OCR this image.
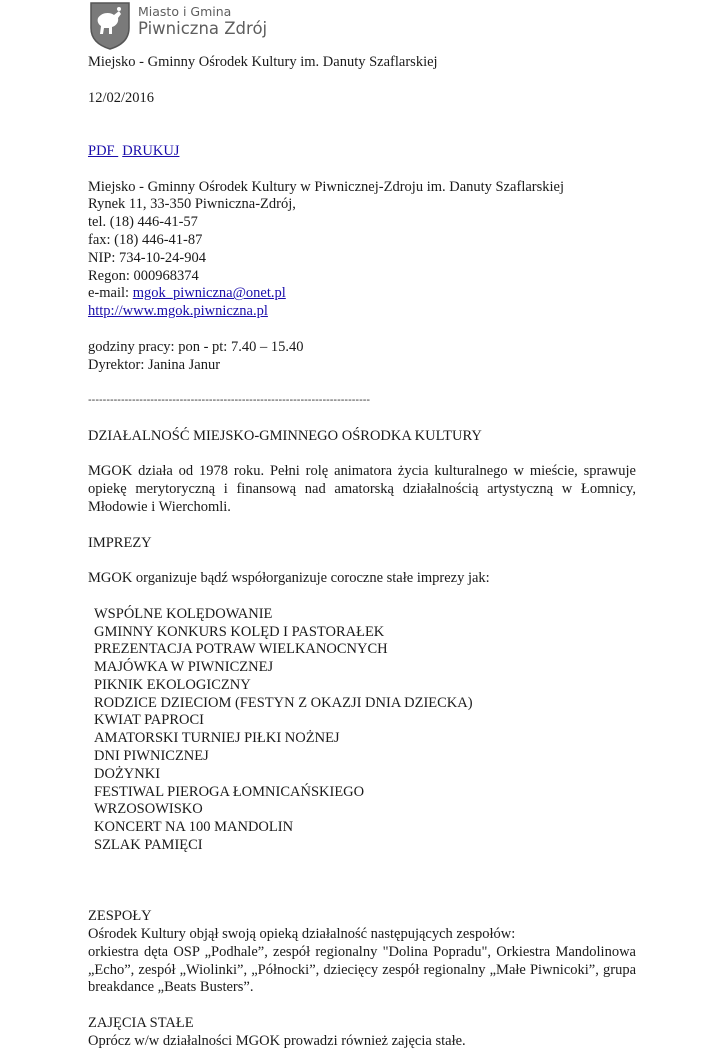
Miasto i Gmina
Piwniczna Zdrój

Miejsko - Gminny Ośrodek Kultury im. Danuty Szaflarskiej

12/02/2016

PDF DRUKUJ

Miejsko - Gminny Ośrodek Kultury w Piwnicznej-Zdroju im. Danuty Szaflarskiej

Rynek 11, 33-350 Piwniczna-Zdrój,

tel. (18) 446-41-57

fax: (18) 446-41-87

NIP: 734-10-24-904

Regon: 000968374

e-mail: mgok_piwniczna@onet.pl

http://www.mgok.piwniczna.pl

godziny pracy: pon - pt: 7.40 – 15.40

Dyrektor: Janina Janur

-----------------------------------------------------------------------------

DZIAŁALNOŚĆ MIEJSKO-GMINNEGO OŚRODKA KULTURY

MGOK działa od 1978 roku. Pełni rolę animatora życia kulturalnego w mieście, sprawuje opiekę merytoryczną i finansową nad amatorską działalnością artystyczną w Łomnicy, Młodowie i Wierchomli.

IMPREZY

MGOK organizuje bądź współorganizuje coroczne stałe imprezy jak:

WSPÓLNE KOLĘDOWANIE
GMINNY KONKURS KOLĘD I PASTORAŁEK
PREZENTACJA POTRAW WIELKANOCNYCH
MAJÓWKA W PIWNICZNEJ
PIKNIK EKOLOGICZNY
RODZICE DZIECIOM (FESTYN Z OKAZJI DNIA DZIECKA)
KWIAT PAPROCI
AMATORSKI TURNIEJ PIŁKI NOŻNEJ
DNI PIWNICZNEJ
DOŻYNKI
FESTIWAL PIEROGA ŁOMNICAŃSKIEGO
WRZOSOWISKO
KONCERT NA 100 MANDOLIN
SZLAK PAMIĘCI

ZESPOŁY

Ośrodek Kultury objął swoją opieką działalność następujących zespołów:

orkiestra dęta OSP „Podhale”, zespół regionalny "Dolina Popradu", Orkiestra Mandolinowa „Echo”, zespół „Wiolinki”, „Północki”, dziecięcy zespół regionalny „Małe Piwnicoki”, grupa breakdance „Beats Busters”.

ZAJĘCIA STAŁE

Oprócz w/w działalności MGOK prowadzi również zajęcia stałe.
